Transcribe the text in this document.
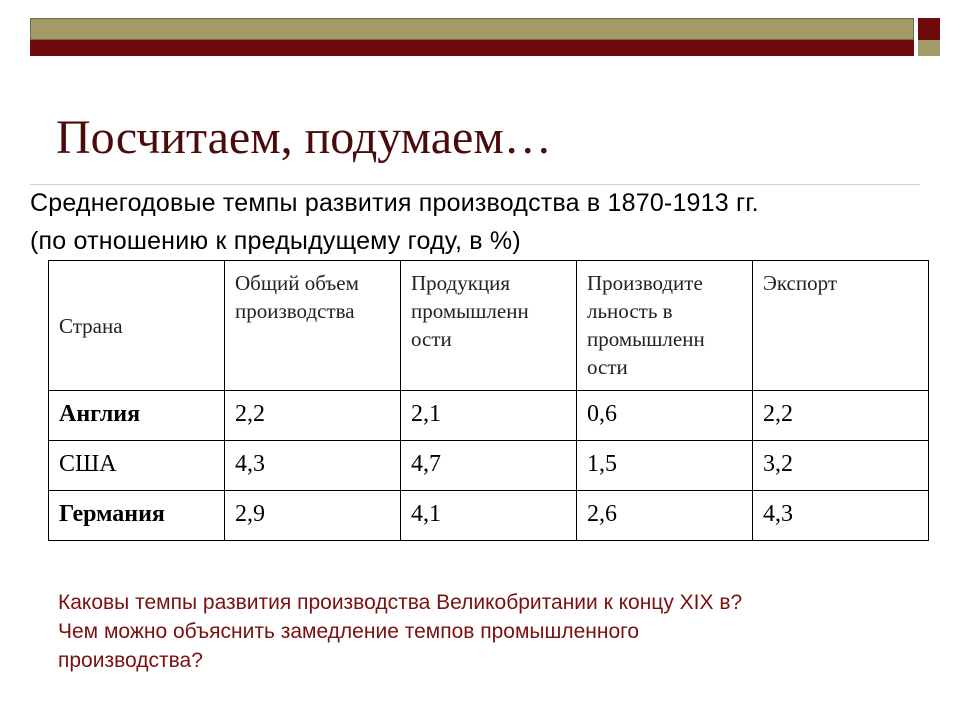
Посчитаем, подумаем…

Среднегодовые темпы развития производства в 1870-1913 гг.
(по отношению к предыдущему году, в %)

Страна	Общий объем производства	Продукция промышленн ости	Производите льность в промышленн ости	Экспорт
Англия	2,2	2,1	0,6	2,2
США	4,3	4,7	1,5	3,2
Германия	2,9	4,1	2,6	4,3

Каковы темпы развития производства Великобритании к концу XIX в?
Чем можно объяснить замедление темпов промышленного
производства?
